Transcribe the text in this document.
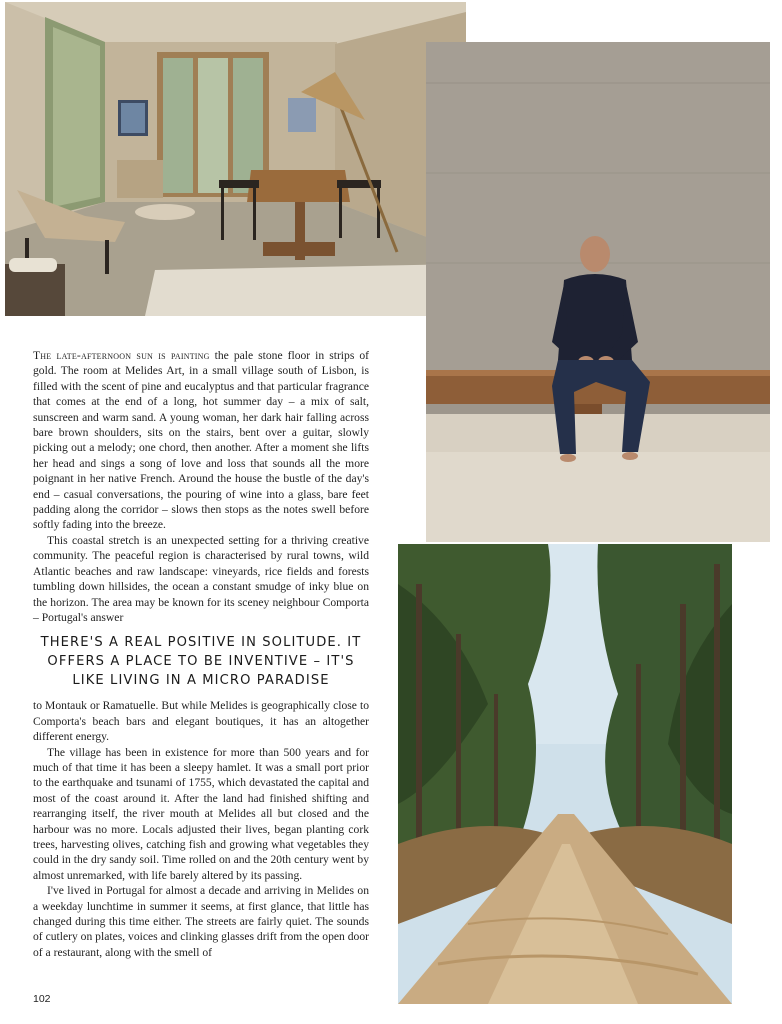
The late-afternoon sun is painting the pale stone floor in strips of gold. The room at Melides Art, in a small village south of Lisbon, is filled with the scent of pine and eucalyptus and that particular fragrance that comes at the end of a long, hot summer day – a mix of salt, sunscreen and warm sand. A young woman, her dark hair falling across bare brown shoulders, sits on the stairs, bent over a guitar, slowly picking out a melody; one chord, then another. After a moment she lifts her head and sings a song of love and loss that sounds all the more poignant in her native French. Around the house the bustle of the day's end – casual conversations, the pouring of wine into a glass, bare feet padding along the corridor – slows then stops as the notes swell before softly fading into the breeze.

This coastal stretch is an unexpected setting for a thriving creative community. The peaceful region is characterised by rural towns, wild Atlantic beaches and raw landscape: vineyards, rice fields and forests tumbling down hillsides, the ocean a constant smudge of inky blue on the horizon. The area may be known for its sceney neighbour Comporta – Portugal's answer

THERE'S A REAL POSITIVE IN SOLITUDE. IT OFFERS A PLACE TO BE INVENTIVE – IT'S LIKE LIVING IN A MICRO PARADISE

to Montauk or Ramatuelle. But while Melides is geographically close to Comporta's beach bars and elegant boutiques, it has an altogether different energy.

The village has been in existence for more than 500 years and for much of that time it has been a sleepy hamlet. It was a small port prior to the earthquake and tsunami of 1755, which devastated the capital and most of the coast around it. After the land had finished shifting and rearranging itself, the river mouth at Melides all but closed and the harbour was no more. Locals adjusted their lives, began planting cork trees, harvesting olives, catching fish and growing what vegetables they could in the dry sandy soil. Time rolled on and the 20th century went by almost unremarked, with life barely altered by its passing.

I've lived in Portugal for almost a decade and arriving in Melides on a weekday lunchtime in summer it seems, at first glance, that little has changed during this time either. The streets are fairly quiet. The sounds of cutlery on plates, voices and clinking glasses drift from the open door of a restaurant, along with the smell of

102
